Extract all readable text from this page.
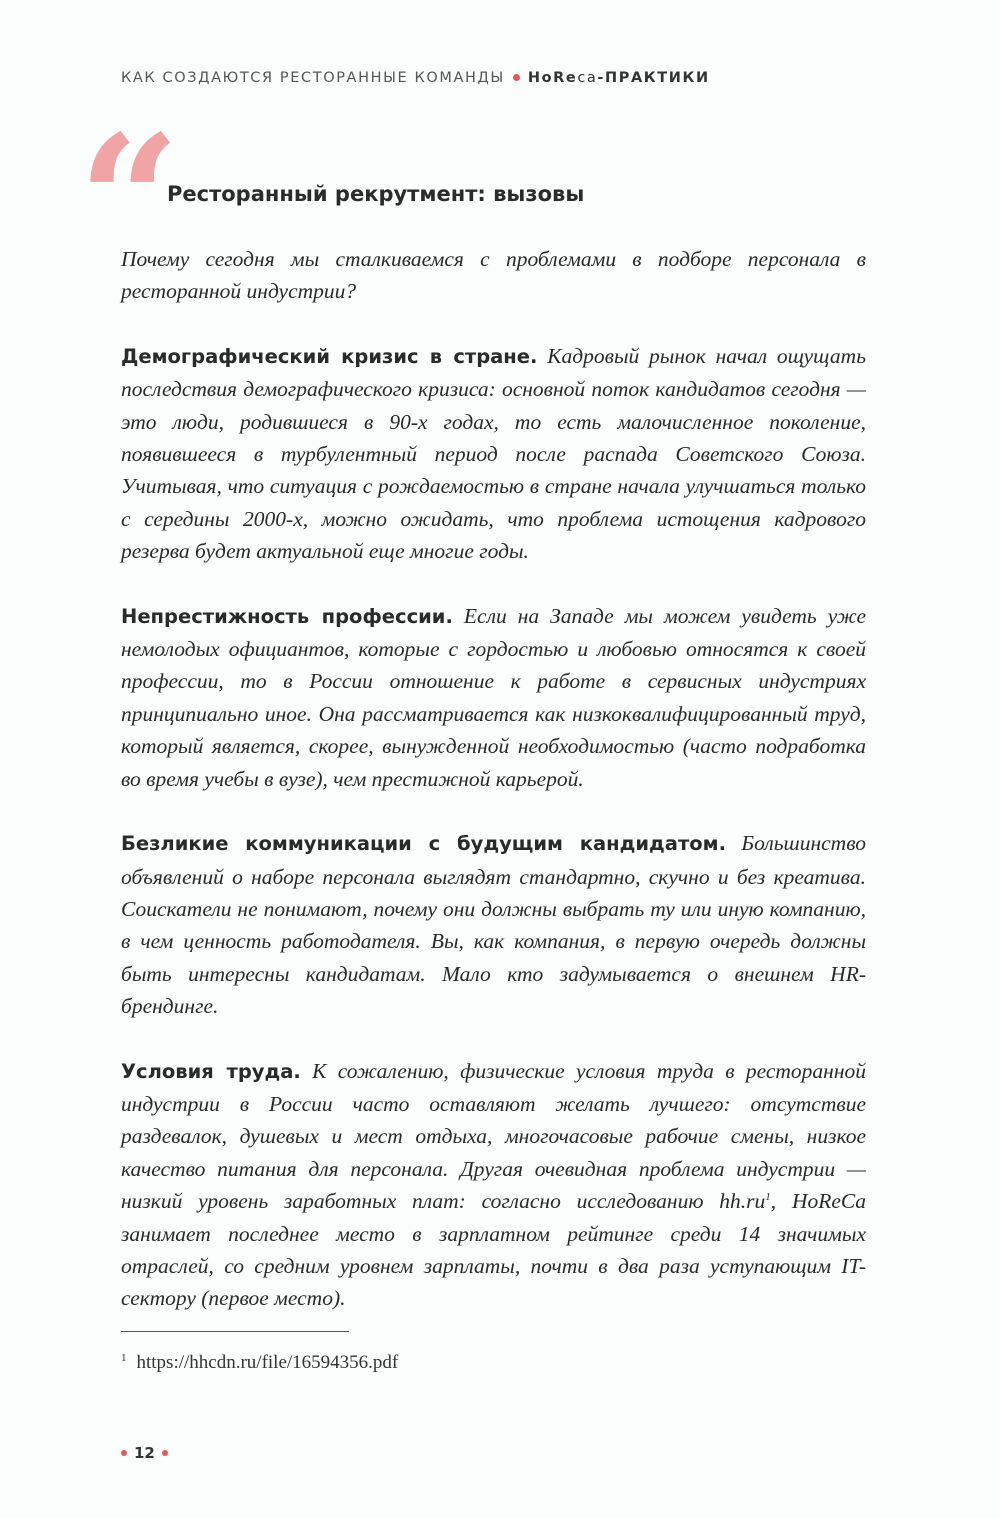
КАК СОЗДАЮТСЯ РЕСТОРАННЫЕ КОМАНДЫ HoReca-ПРАКТИКИ
“
Ресторанный рекрутмент: вызовы

Почему сегодня мы сталкиваемся с проблемами в подборе персонала в ресторанной индустрии?

Демографический кризис в стране. Кадровый рынок начал ощущать последствия демографического кризиса: основной поток кандидатов сегодня — это люди, родившиеся в 90-х годах, то есть малочисленное поколение, появившееся в турбулентный период после распада Советского Союза. Учитывая, что ситуация с рождаемостью в стране начала улучшаться только с середины 2000-х, можно ожидать, что проблема истощения кадрового резерва будет актуальной еще многие годы.

Непрестижность профессии. Если на Западе мы можем увидеть уже немолодых официантов, которые с гордостью и любовью относятся к своей профессии, то в России отношение к работе в сервисных индустриях принципиально иное. Она рассматривается как низкоквалифицированный труд, который является, скорее, вынужденной необходимостью (часто подработка во время учебы в вузе), чем престижной карьерой.

Безликие коммуникации с будущим кандидатом. Большинство объявлений о наборе персонала выглядят стандартно, скучно и без креатива. Соискатели не понимают, почему они должны выбрать ту или иную компанию, в чем ценность работодателя. Вы, как компания, в первую очередь должны быть интересны кандидатам. Мало кто задумывается о внешнем HR-брендинге.

Условия труда. К сожалению, физические условия труда в ресторанной индустрии в России часто оставляют желать лучшего: отсутствие раздевалок, душевых и мест отдыха, многочасовые рабочие смены, низкое качество питания для персонала. Другая очевидная проблема индустрии — низкий уровень заработных плат: согласно исследованию $hh.ru^1$, HoReCa занимает последнее место в зарплатном рейтинге среди 14 значимых отраслей, со средним уровнем зарплаты, почти в два раза уступающим IT-сектору (первое место).

$^1$ https://hhcdn.ru/file/16594356.pdf
12
